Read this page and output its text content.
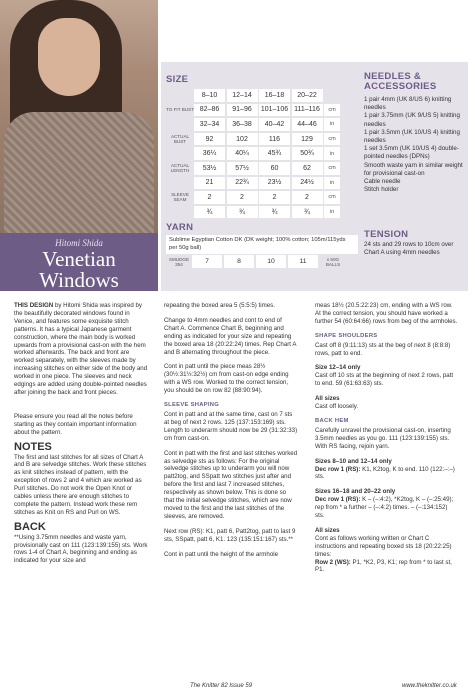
Hitomi Shida
Venetian
Windows
SIZE
8–10	12–14	16–18	20–22
TO FIT BUST 82–86	91–96	101–106 111–116	cm
32–34	36–38	40–42	44–46	in
ACTUAL BUST	92	102	116	129	cm
36¼	40¼	45¾	50¾	in
ACTUAL LENGTH	53½	57½	60	62	cm
21	22¾	23½	24½	in
SLEEVE SEAM	2	2	2	2	cm
¾	¾	¾	¾	in
YARN
Sublime Egyptian Cotton DK (DK weight; 100% cotton; 105m/115yds per 50g ball)
SMUDGE 354	7	8	10	11	x 50G BALLS
NEEDLES & ACCESSORIES
1 pair 4mm (UK 8/US 6) knitting needles
1 pair 3.75mm (UK 9/US 5) knitting needles
1 pair 3.5mm (UK 10/US 4) knitting needles
1 set 3.5mm (UK 10/US 4) double-pointed needles (DPNs)
Smooth waste yarn in similar weight for provisional cast-on
Cable needle
Stitch holder
TENSION
24 sts and 29 rows to 10cm over Chart A using 4mm needles

THIS DESIGN by Hitomi Shida was inspired by the beautifully decorated windows found in Venice, and features some exquisite stitch patterns. It has a typical Japanese garment construction, where the main body is worked upwards from a provisional cast-on with the hem worked afterwards. The back and front are worked separately, with the sleeves made by increasing stitches on either side of the body and worked in one piece. The sleeves and neck edgings are added using double-pointed needles after joining the back and front pieces.

Please ensure you read all the notes before starting as they contain important information about the pattern.

NOTES

The first and last stitches for all sizes of Chart A and B are selvedge stitches. Work these stitches as knit stitches instead of pattern, with the exception of rows 2 and 4 which are worked as Purl stitches. Do not work the Open Knot or cables unless there are enough stitches to complete the pattern. Instead work these rem stitches as Knit on RS and Purl on WS.

BACK

**Using 3.75mm needles and waste yarn, provisionally cast on 111 (123:139:155) sts. Work rows 1-4 of Chart A, beginning and ending as indicated for your size and

repeating the boxed area 5 (5:5:5) times.

Change to 4mm needles and cont to end of Chart A. Commence Chart B, beginning and ending as indicated for your size and repeating the boxed area 18 (20:22:24) times. Rep Chart A and B alternating throughout the piece.

Cont in patt until the piece meas 28½ (30½:31½:32½) cm from cast-on edge ending with a WS row. Worked to the correct tension, you should be on row 82 (88:90:94).

SLEEVE SHAPING

Cont in patt and at the same time, cast on 7 sts at beg of next 2 rows. 125 (137:153:169) sts. Length to underarm should now be 29 (31:32:33) cm from cast-on.

Cont in patt with the first and last stitches worked as selvedge sts as follows: For the original selvedge stitches up to underarm you will now patt2tog, and SSpatt two stitches just after and before the first and last 7 increased stitches, respectively as shown below. This is done so that the initial selvedge stitches, which are now moved to the first and the last stitches of the sleeves, are removed.

Next row (RS): K1, patt 6, Patt2tog, patt to last 9 sts, SSpatt, patt 6, K1. 123 (135:151:167) sts.**

Cont in patt until the height of the armhole

meas 18½ (20.5:22:23) cm, ending with a WS row. At the correct tension, you should have worked a further 54 (60:64:66) rows from beg of the armholes.

SHAPE SHOULDERS

Cast off 8 (9:11:13) sts at the beg of next 8 (8:8:8) rows, patt to end.

Size 12–14 only

Cast off 10 sts at the beginning of next 2 rows, patt to end. 59 (61:63:63) sts.

All sizes

Cast off loosely.

BACK HEM

Carefully unravel the provisional cast-on, inserting 3.5mm needles as you go. 111 (123:139:155) sts. With RS facing, rejoin yarn.

Sizes 8–10 and 12–14 only

Dec row 1 (RS): K1, K2tog, K to end. 110 (122:–:–) sts.

Sizes 16–18 and 20–22 only

Dec row 1 (RS): K – (–:4:2), *K2tog, K – (–:25:49); rep from * a further – (–:4:2) times. – (–:134:152) sts.

All sizes

Cont as follows working written or Chart C instructions and repeating boxed sts 18 (20:22:25) times:

Row 2 (WS): P1, *K2, P3, K1; rep from * to last st, P1.

The Knitter 82 Issue 59	www.theknitter.co.uk
